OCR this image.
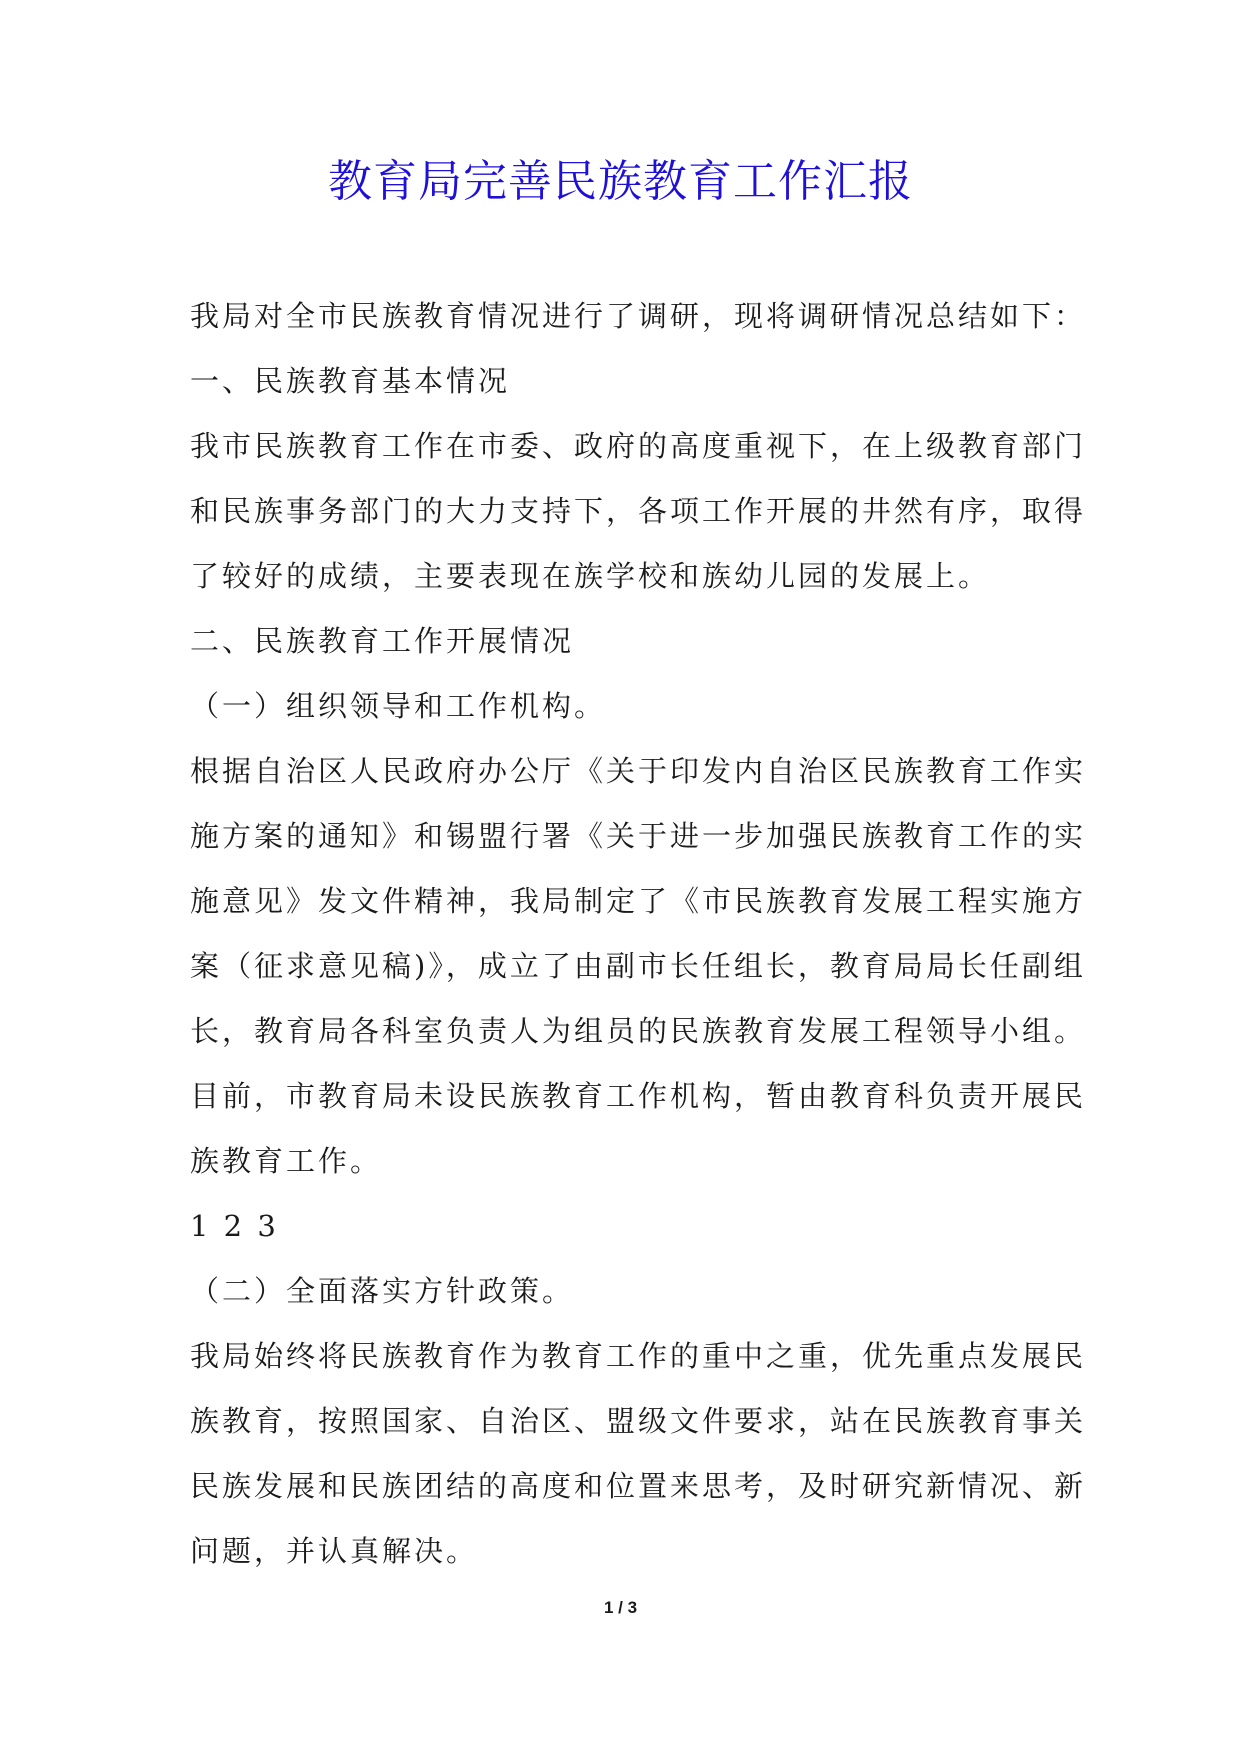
教育局完善民族教育工作汇报
我局对全市民族教育情况进行了调研，现将调研情况总结如下：
一、民族教育基本情况
我市民族教育工作在市委、政府的高度重视下，在上级教育部门
和民族事务部门的大力支持下，各项工作开展的井然有序，取得
了较好的成绩，主要表现在族学校和族幼儿园的发展上。
二、民族教育工作开展情况
（一）组织领导和工作机构。
根据自治区人民政府办公厅《关于印发内自治区民族教育工作实
施方案的通知》和锡盟行署《关于进一步加强民族教育工作的实
施意见》发文件精神，我局制定了《市民族教育发展工程实施方
案（征求意见稿)》，成立了由副市长任组长，教育局局长任副组
长，教育局各科室负责人为组员的民族教育发展工程领导小组。
目前，市教育局未设民族教育工作机构，暂由教育科负责开展民
族教育工作。
1 2 3
（二）全面落实方针政策。
我局始终将民族教育作为教育工作的重中之重，优先重点发展民
族教育，按照国家、自治区、盟级文件要求，站在民族教育事关
民族发展和民族团结的高度和位置来思考，及时研究新情况、新
问题，并认真解决。
1 / 3
